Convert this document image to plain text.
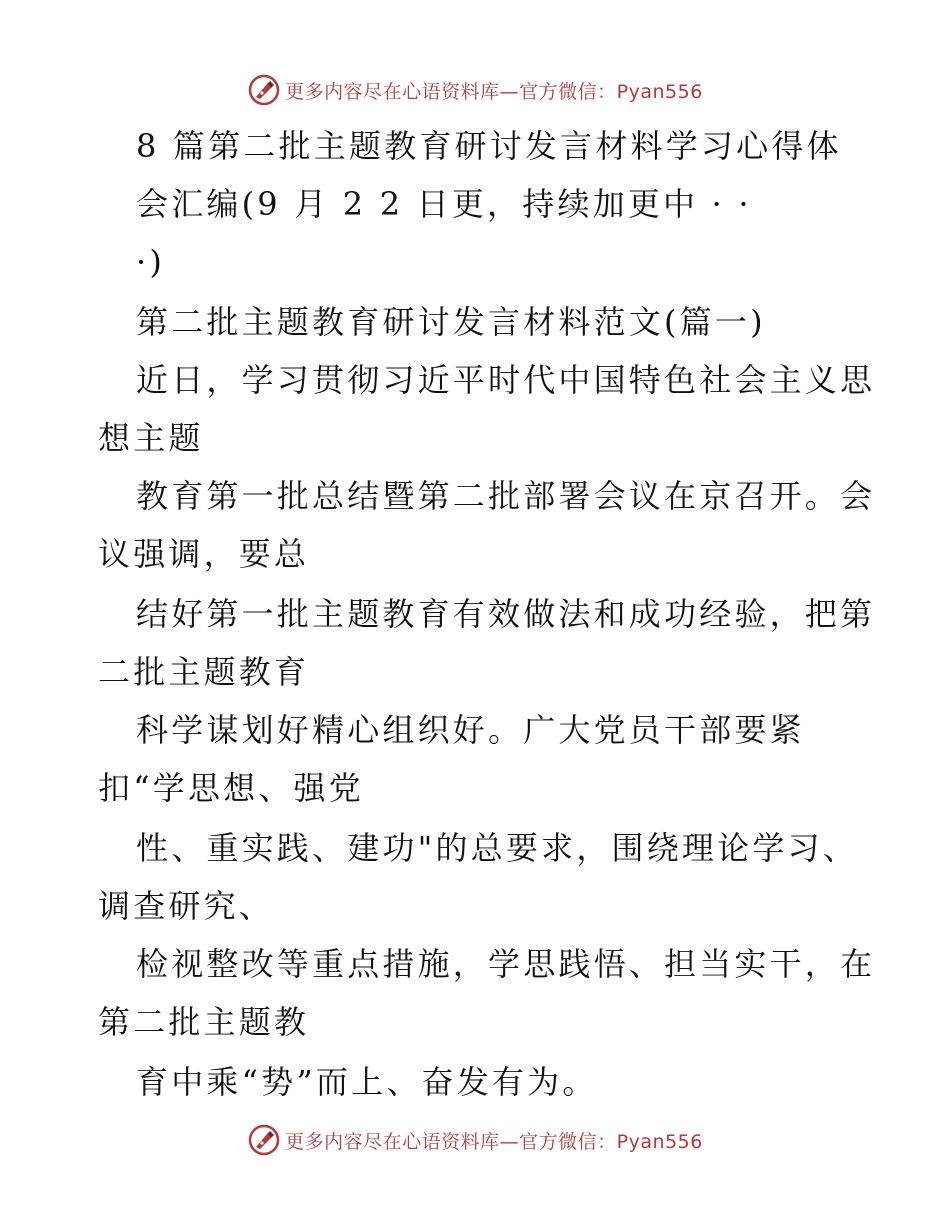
更多内容尽在心语资料库—官方微信：Pyan556
8 篇第二批主题教育研讨发言材料学习心得体
会汇编(9 月 2 2 日更，持续加更中 · ·
·)
第二批主题教育研讨发言材料范文(篇一)
近日，学习贯彻习近平时代中国特色社会主义思
想主题
教育第一批总结暨第二批部署会议在京召开。会
议强调，要总
结好第一批主题教育有效做法和成功经验，把第
二批主题教育
科学谋划好精心组织好。广大党员干部要紧
扣“学思想、强党
性、重实践、建功"的总要求，围绕理论学习、
调查研究、
检视整改等重点措施，学思践悟、担当实干，在
第二批主题教
育中乘“势”而上、奋发有为。
更多内容尽在心语资料库—官方微信：Pyan556
